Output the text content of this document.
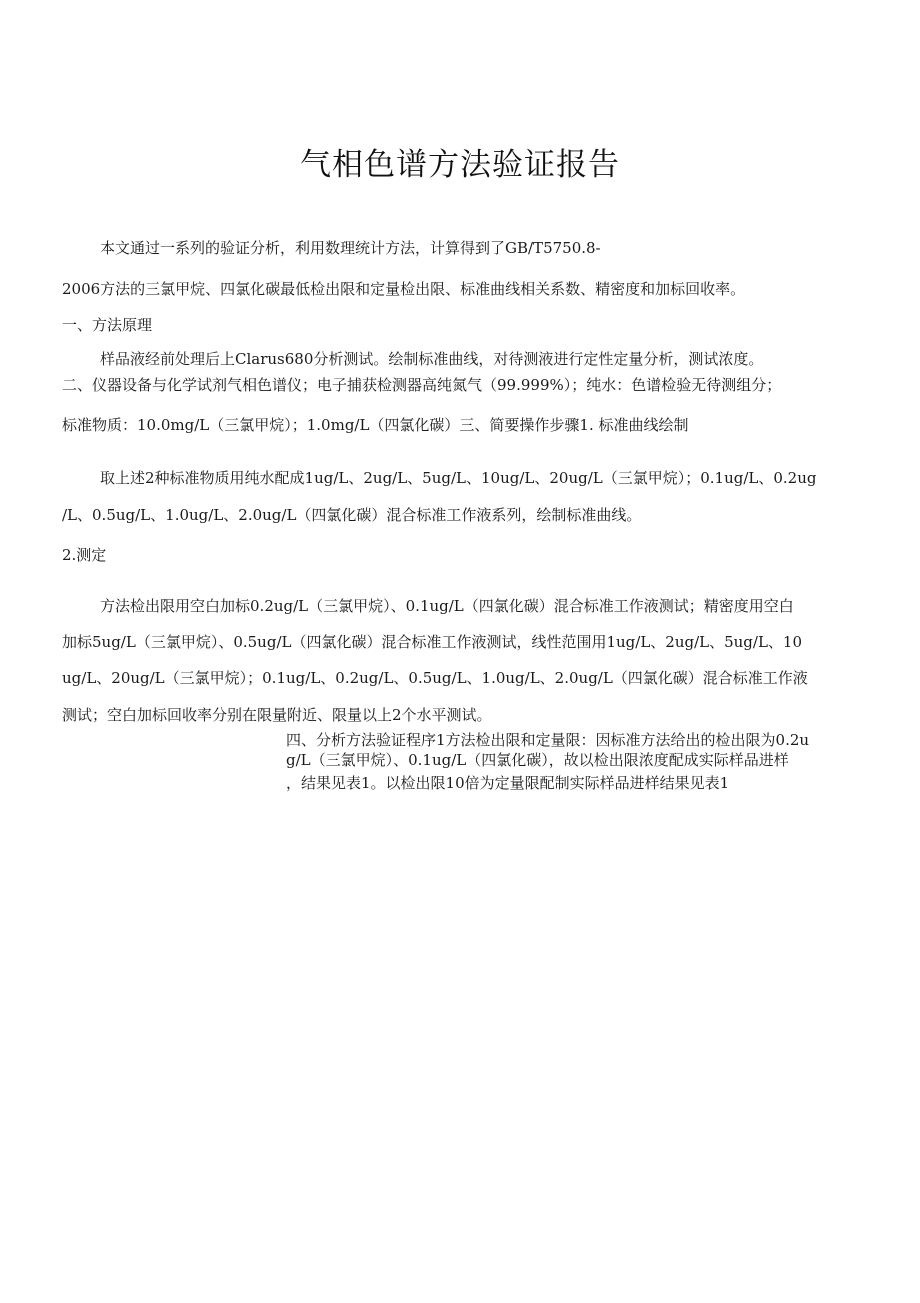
气相色谱方法验证报告
本文通过一系列的验证分析，利用数理统计方法，计算得到了GB/T5750.8-
2006方法的三氯甲烷、四氯化碳最低检出限和定量检出限、标准曲线相关系数、精密度和加标回收率。
一、方法原理
样品液经前处理后上Clarus680分析测试。绘制标准曲线，对待测液进行定性定量分析，测试浓度。
二、仪器设备与化学试剂气相色谱仪；电子捕获检测器高纯氮气（99.999%）；纯水：色谱检验无待测组分；
标准物质：10.0mg/L（三氯甲烷）；1.0mg/L（四氯化碳）三、简要操作步骤1. 标准曲线绘制
取上述2种标准物质用纯水配成1ug/L、2ug/L、5ug/L、10ug/L、20ug/L（三氯甲烷）；0.1ug/L、0.2ug
/L、0.5ug/L、1.0ug/L、2.0ug/L（四氯化碳）混合标准工作液系列，绘制标准曲线。
2.测定
方法检出限用空白加标0.2ug/L（三氯甲烷）、0.1ug/L（四氯化碳）混合标准工作液测试；精密度用空白
加标5ug/L（三氯甲烷）、0.5ug/L（四氯化碳）混合标准工作液测试，线性范围用1ug/L、2ug/L、5ug/L、10
ug/L、20ug/L（三氯甲烷）；0.1ug/L、0.2ug/L、0.5ug/L、1.0ug/L、2.0ug/L（四氯化碳）混合标准工作液
测试；空白加标回收率分别在限量附近、限量以上2个水平测试。
四、分析方法验证程序1方法检出限和定量限：因标准方法给出的检出限为0.2u
g/L（三氯甲烷）、0.1ug/L（四氯化碳），故以检出限浓度配成实际样品进样
，结果见表1。以检出限10倍为定量限配制实际样品进样结果见表1
